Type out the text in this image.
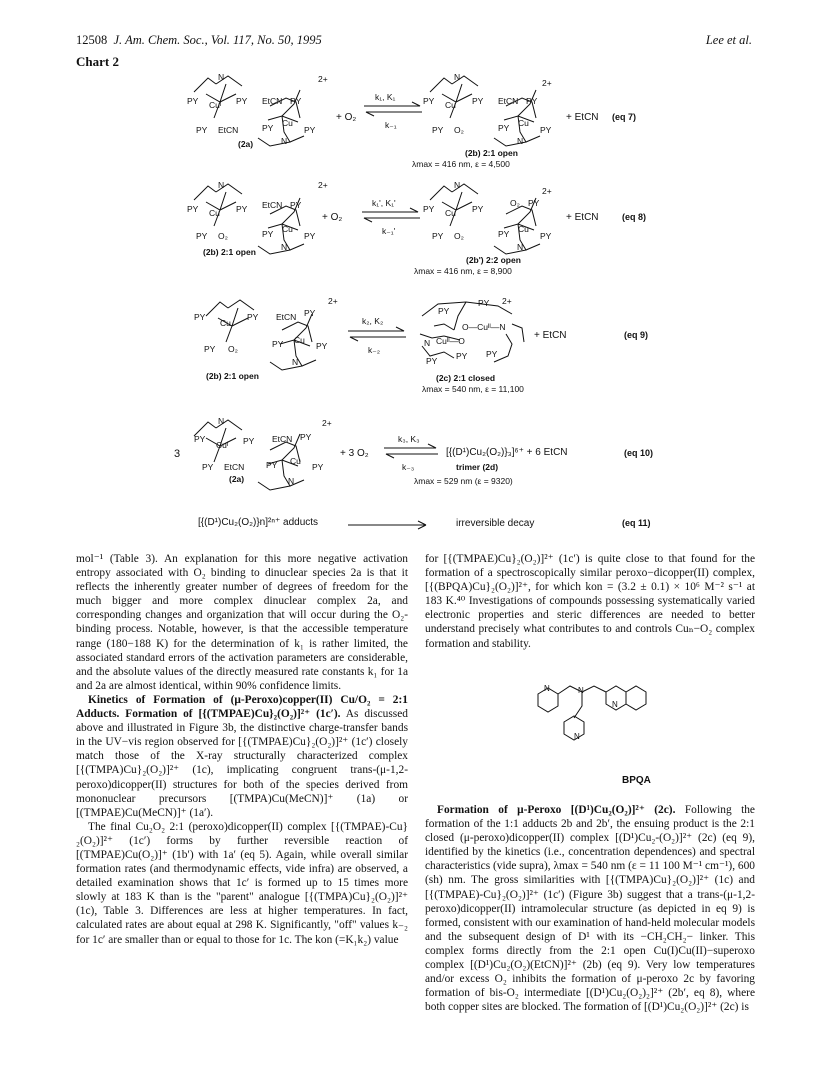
12508 J. Am. Chem. Soc., Vol. 117, No. 50, 1995	Lee et al.
Chart 2
N
PY Cuᴵ PY EtCN PY
2+
PY EtCN	PY Cu
PY
N
(2a)
+ O₂ ⇌
k₁, K₁
k₋₁
N
PY Cu PY EtCN PY
2+
PY O₂	PY Cu
PY
N
+ EtCN
(2b) 2:1 open
λmax = 416 nm, ε = 4,500
(eq 7)
N
PY Cu PY EtCN PY
2+
PY O₂	PY Cu
PY
N
(2b) 2:1 open
+ O₂ ⇌
k₁', K₁'
k₋₁'
N
PY Cu PY
O₂ PY
2+
PY O₂	PY Cu
PY
N
+ EtCN
(2b') 2:2 open
λmax = 416 nm, ε = 8,900
(eq 8)
PY
Cu
PY EtCN PY
2+
PY O₂	PY Cu
PY
N
(2b) 2:1 open
k₂, K₂
k₋₂
PY
PY 2+
O—Cuᴵᴵ—N
N Cuᴵᴵ—O
PY PY
PY
+ EtCN
(2c) 2:1 closed
λmax = 540 nm, ε = 11,100
(eq 9)
3
N
PY
Cuᴵ PY EtCN PY
2+
PY EtCN	PY Cu
PY
N
(2a)
+ 3 O₂ ⇌
k₃, K₃
k₋₃
[{(D¹)Cu₂(O₂)}₃]⁶⁺ + 6 EtCN
trimer (2d)
λmax = 529 nm (ε = 9320)
(eq 10)
[{(D¹)Cu₂(O₂)}n]²ⁿ⁺ adducts	irreversible decay	(eq 11)

mol⁻¹ (Table 3). An explanation for this more negative activation entropy associated with O₂ binding to dinuclear species 2a is that it reflects the inherently greater number of degrees of freedom for the much bigger and more complex dinuclear complex 2a, and corresponding changes and organization that will occur during the O₂-binding process. Notable, however, is that the accessible temperature range (180−188 K) for the determination of k₁ is rather limited, the associated standard errors of the activation parameters are considerable, and the absolute values of the directly measured rate constants k₁ for 1a and 2a are almost identical, within 90% confidence limits.

Kinetics of Formation of (μ-Peroxo)copper(II) Cu/O₂ = 2:1 Adducts. Formation of [{(TMPAE)Cu}₂(O₂)]²⁺ (1c′). As discussed above and illustrated in Figure 3b, the distinctive charge-transfer bands in the UV−vis region observed for [{(TMPAE)Cu}₂(O₂)]²⁺ (1c′) closely match those of the X-ray structurally characterized complex [{(TMPA)Cu}₂(O₂)]²⁺ (1c), implicating congruent trans-(μ-1,2-peroxo)dicopper(II) structures for both of the species derived from mononuclear precursors [(TMPA)Cu(MeCN)]⁺ (1a) or [(TMPAE)Cu(MeCN)]⁺ (1a′).

The final Cu₂O₂ 2:1 (peroxo)dicopper(II) complex [{(TMPAE)-Cu}₂(O₂)]²⁺ (1c′) forms by further reversible reaction of [(TMPAE)Cu(O₂)]⁺ (1b′) with 1a′ (eq 5). Again, while overall similar formation rates (and thermodynamic effects, vide infra) are observed, a detailed examination shows that 1c′ is formed up to 15 times more slowly at 183 K than is the "parent" analogue [{(TMPA)Cu}₂(O₂)]²⁺ (1c), Table 3. Differences are less at higher temperatures. In fact, calculated rates are about equal at 298 K. Significantly, "off" values k₋₂ for 1c′ are smaller than or equal to those for 1c. The kon (=K₁k₂) value

for [{(TMPAE)Cu}₂(O₂)]²⁺ (1c′) is quite close to that found for the formation of a spectroscopically similar peroxo−dicopper(II) complex, [{(BPQA)Cu}₂(O₂)]²⁺, for which kon = (3.2 ± 0.1) × 10⁶ M⁻² s⁻¹ at 183 K.⁴⁰ Investigations of compounds possessing systematically varied electronic properties and steric differences are needed to better understand precisely what contributes to and controls Cuₙ−O₂ complex formation and stability.

N	N
N
N
BPQA

Formation of μ-Peroxo [(D¹)Cu₂(O₂)]²⁺ (2c). Following the formation of the 1:1 adducts 2b and 2b′, the ensuing product is the 2:1 closed (μ-peroxo)dicopper(II) complex [(D¹)Cu₂-(O₂)]²⁺ (2c) (eq 9), identified by the kinetics (i.e., concentration dependences) and spectral characteristics (vide supra), λmax = 540 nm (ε = 11 100 M⁻¹ cm⁻¹), 600 (sh) nm. The gross similarities with [{(TMPA)Cu}₂(O₂)]²⁺ (1c) and [{(TMPAE)-Cu}₂(O₂)]²⁺ (1c′) (Figure 3b) suggest that a trans-(μ-1,2-peroxo)dicopper(II) intramolecular structure (as depicted in eq 9) is formed, consistent with our examination of hand-held molecular models and the subsequent design of D¹ with its −CH₂CH₂− linker. This complex forms directly from the 2:1 open Cu(I)Cu(II)−superoxo complex [(D¹)Cu₂(O₂)(EtCN)]²⁺ (2b) (eq 9). Very low temperatures and/or excess O₂ inhibits the formation of μ-peroxo 2c by favoring formation of bis-O₂ intermediate [(D¹)Cu₂(O₂)₂]²⁺ (2b′, eq 8), where both copper sites are blocked. The formation of [(D¹)Cu₂(O₂)]²⁺ (2c) is
